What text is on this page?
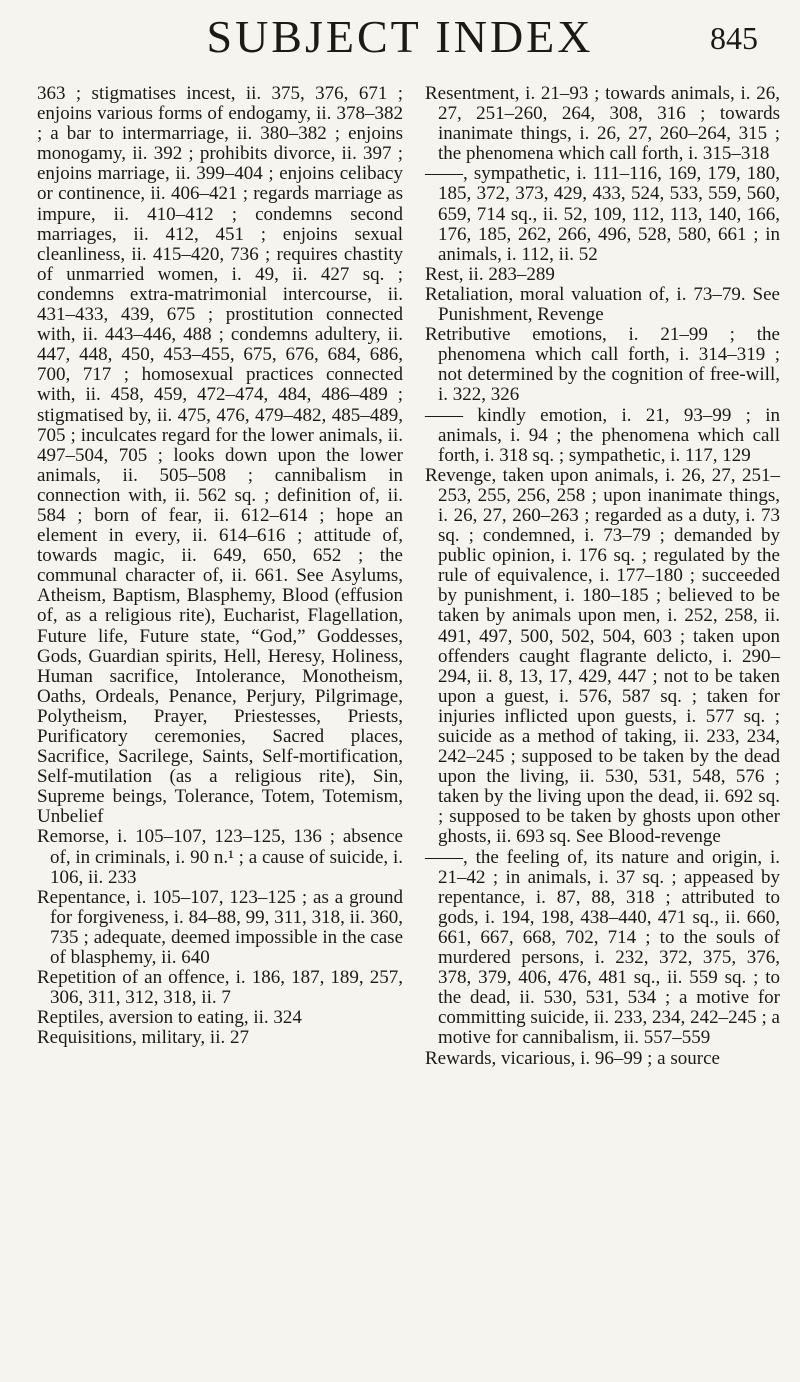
SUBJECT INDEX	845

363 ; stigmatises incest, ii. 375, 376, 671 ; enjoins various forms of endogamy, ii. 378–382 ; a bar to intermarriage, ii. 380–382 ; enjoins monogamy, ii. 392 ; prohibits divorce, ii. 397 ; enjoins marriage, ii. 399–404 ; enjoins celibacy or continence, ii. 406–421 ; regards marriage as impure, ii. 410–412 ; condemns second marriages, ii. 412, 451 ; enjoins sexual cleanliness, ii. 415–420, 736 ; requires chastity of unmarried women, i. 49, ii. 427 sq. ; condemns extra-matrimonial intercourse, ii. 431–433, 439, 675 ; prostitution connected with, ii. 443–446, 488 ; condemns adultery, ii. 447, 448, 450, 453–455, 675, 676, 684, 686, 700, 717 ; homosexual practices connected with, ii. 458, 459, 472–474, 484, 486–489 ; stigmatised by, ii. 475, 476, 479–482, 485–489, 705 ; inculcates regard for the lower animals, ii. 497–504, 705 ; looks down upon the lower animals, ii. 505–508 ; cannibalism in connection with, ii. 562 sq. ; definition of, ii. 584 ; born of fear, ii. 612–614 ; hope an element in every, ii. 614–616 ; attitude of, towards magic, ii. 649, 650, 652 ; the communal character of, ii. 661. See Asylums, Atheism, Baptism, Blasphemy, Blood (effusion of, as a religious rite), Eucharist, Flagellation, Future life, Future state, “God,” Goddesses, Gods, Guardian spirits, Hell, Heresy, Holiness, Human sacrifice, Intolerance, Monotheism, Oaths, Ordeals, Penance, Perjury, Pilgrimage, Polytheism, Prayer, Priestesses, Priests, Purificatory ceremonies, Sacred places, Sacrifice, Sacrilege, Saints, Self-mortification, Self-mutilation (as a religious rite), Sin, Supreme beings, Tolerance, Totem, Totemism, Unbelief

Remorse, i. 105–107, 123–125, 136 ; absence of, in criminals, i. 90 n.¹ ; a cause of suicide, i. 106, ii. 233

Repentance, i. 105–107, 123–125 ; as a ground for forgiveness, i. 84–88, 99, 311, 318, ii. 360, 735 ; adequate, deemed impossible in the case of blasphemy, ii. 640

Repetition of an offence, i. 186, 187, 189, 257, 306, 311, 312, 318, ii. 7

Reptiles, aversion to eating, ii. 324

Requisitions, military, ii. 27

Resentment, i. 21–93 ; towards animals, i. 26, 27, 251–260, 264, 308, 316 ; towards inanimate things, i. 26, 27, 260–264, 315 ; the phenomena which call forth, i. 315–318

——, sympathetic, i. 111–116, 169, 179, 180, 185, 372, 373, 429, 433, 524, 533, 559, 560, 659, 714 sq., ii. 52, 109, 112, 113, 140, 166, 176, 185, 262, 266, 496, 528, 580, 661 ; in animals, i. 112, ii. 52

Rest, ii. 283–289

Retaliation, moral valuation of, i. 73–79. See Punishment, Revenge

Retributive emotions, i. 21–99 ; the phenomena which call forth, i. 314–319 ; not determined by the cognition of free-will, i. 322, 326

—— kindly emotion, i. 21, 93–99 ; in animals, i. 94 ; the phenomena which call forth, i. 318 sq. ; sympathetic, i. 117, 129

Revenge, taken upon animals, i. 26, 27, 251–253, 255, 256, 258 ; upon inanimate things, i. 26, 27, 260–263 ; regarded as a duty, i. 73 sq. ; condemned, i. 73–79 ; demanded by public opinion, i. 176 sq. ; regulated by the rule of equivalence, i. 177–180 ; succeeded by punishment, i. 180–185 ; believed to be taken by animals upon men, i. 252, 258, ii. 491, 497, 500, 502, 504, 603 ; taken upon offenders caught flagrante delicto, i. 290–294, ii. 8, 13, 17, 429, 447 ; not to be taken upon a guest, i. 576, 587 sq. ; taken for injuries inflicted upon guests, i. 577 sq. ; suicide as a method of taking, ii. 233, 234, 242–245 ; supposed to be taken by the dead upon the living, ii. 530, 531, 548, 576 ; taken by the living upon the dead, ii. 692 sq. ; supposed to be taken by ghosts upon other ghosts, ii. 693 sq. See Blood-revenge

——, the feeling of, its nature and origin, i. 21–42 ; in animals, i. 37 sq. ; appeased by repentance, i. 87, 88, 318 ; attributed to gods, i. 194, 198, 438–440, 471 sq., ii. 660, 661, 667, 668, 702, 714 ; to the souls of murdered persons, i. 232, 372, 375, 376, 378, 379, 406, 476, 481 sq., ii. 559 sq. ; to the dead, ii. 530, 531, 534 ; a motive for committing suicide, ii. 233, 234, 242–245 ; a motive for cannibalism, ii. 557–559

Rewards, vicarious, i. 96–99 ; a source
